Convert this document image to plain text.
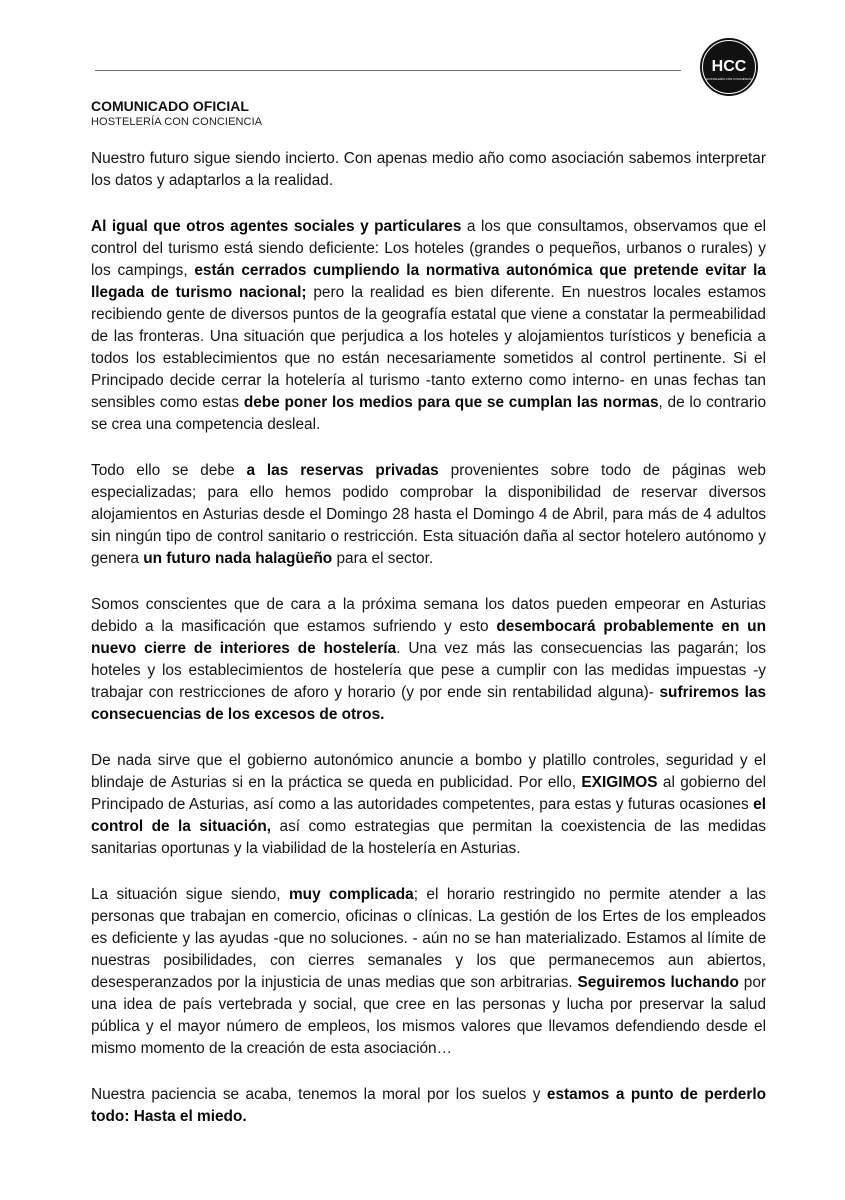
HCC
HOSTELERÍA CON CONCIENCIA
COMUNICADO OFICIAL
HOSTELERÍA CON CONCIENCIA

Nuestro futuro sigue siendo incierto. Con apenas medio año como asociación sabemos interpretar los datos y adaptarlos a la realidad.

Al igual que otros agentes sociales y particulares a los que consultamos, observamos que el control del turismo está siendo deficiente: Los hoteles (grandes o pequeños, urbanos o rurales) y los campings, están cerrados cumpliendo la normativa autonómica que pretende evitar la llegada de turismo nacional; pero la realidad es bien diferente. En nuestros locales estamos recibiendo gente de diversos puntos de la geografía estatal que viene a constatar la permeabilidad de las fronteras. Una situación que perjudica a los hoteles y alojamientos turísticos y beneficia a todos los establecimientos que no están necesariamente sometidos al control pertinente. Si el Principado decide cerrar la hotelería al turismo -tanto externo como interno- en unas fechas tan sensibles como estas debe poner los medios para que se cumplan las normas, de lo contrario se crea una competencia desleal.

Todo ello se debe a las reservas privadas provenientes sobre todo de páginas web especializadas; para ello hemos podido comprobar la disponibilidad de reservar diversos alojamientos en Asturias desde el Domingo 28 hasta el Domingo 4 de Abril, para más de 4 adultos sin ningún tipo de control sanitario o restricción. Esta situación daña al sector hotelero autónomo y genera un futuro nada halagüeño para el sector.

Somos conscientes que de cara a la próxima semana los datos pueden empeorar en Asturias debido a la masificación que estamos sufriendo y esto desembocará probablemente en un nuevo cierre de interiores de hostelería. Una vez más las consecuencias las pagarán; los hoteles y los establecimientos de hostelería que pese a cumplir con las medidas impuestas -y trabajar con restricciones de aforo y horario (y por ende sin rentabilidad alguna)- sufriremos las consecuencias de los excesos de otros.

De nada sirve que el gobierno autonómico anuncie a bombo y platillo controles, seguridad y el blindaje de Asturias si en la práctica se queda en publicidad. Por ello, EXIGIMOS al gobierno del Principado de Asturias, así como a las autoridades competentes, para estas y futuras ocasiones el control de la situación, así como estrategias que permitan la coexistencia de las medidas sanitarias oportunas y la viabilidad de la hostelería en Asturias.

La situación sigue siendo, muy complicada; el horario restringido no permite atender a las personas que trabajan en comercio, oficinas o clínicas. La gestión de los Ertes de los empleados es deficiente y las ayudas -que no soluciones. - aún no se han materializado. Estamos al límite de nuestras posibilidades, con cierres semanales y los que permanecemos aun abiertos, desesperanzados por la injusticia de unas medias que son arbitrarias. Seguiremos luchando por una idea de país vertebrada y social, que cree en las personas y lucha por preservar la salud pública y el mayor número de empleos, los mismos valores que llevamos defendiendo desde el mismo momento de la creación de esta asociación…

Nuestra paciencia se acaba, tenemos la moral por los suelos y estamos a punto de perderlo todo: Hasta el miedo.
